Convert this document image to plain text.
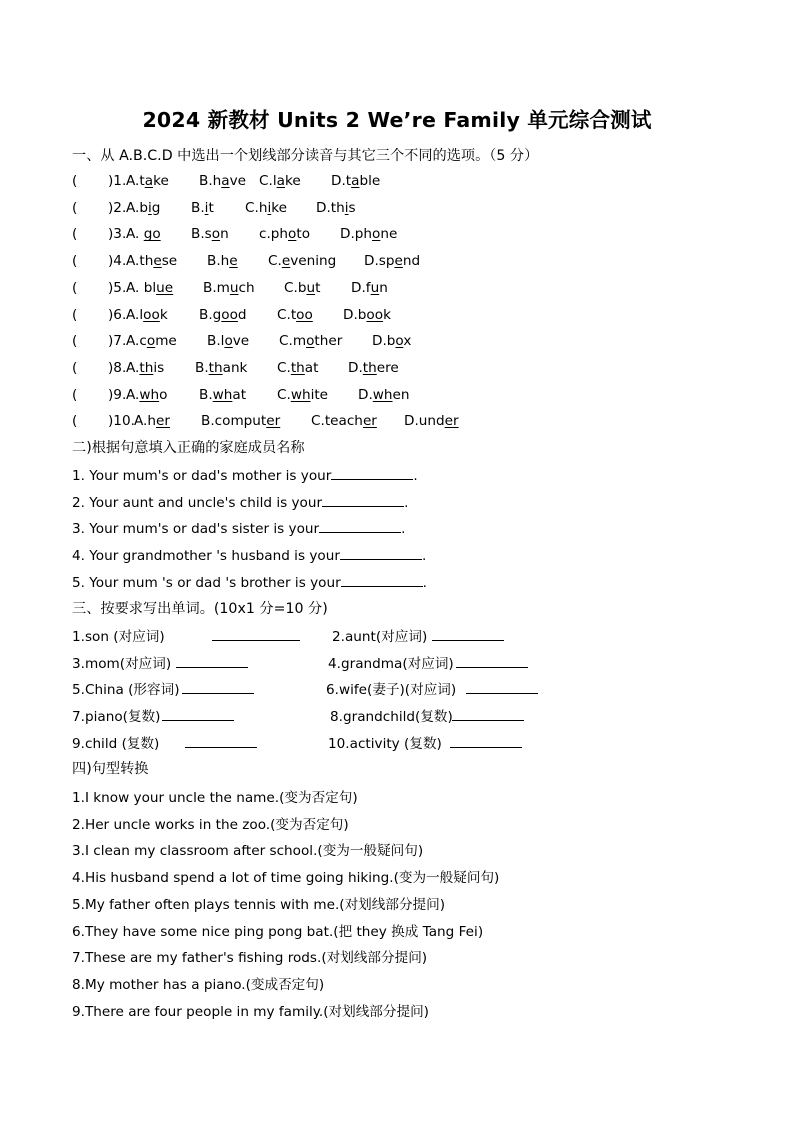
2024 新教材 Units 2 We’re Family 单元综合测试
一、从 A.B.C.D 中选出一个划线部分读音与其它三个不同的选项。（5 分）
( )1. A.take B.have C.lake D.table
( )2. A.big B.it C.hike D.this
( )3. A. go B.son c.photo D.phone
( )4. A.these B.he C.evening D.spend
( )5. A. blue B.much C.but D.fun
( )6. A.look B.good C.too D.book
( )7. A.come B.love C.mother D.box
( )8. A.this B.thank C.that D.there
( )9. A.who B.what C.white D.when
( )10. A.her B.computer C.teacher D.under
二)根据句意填入正确的家庭成员名称
1. Your mum's or dad's mother is your	.
2. Your aunt and uncle's child is your	.
3. Your mum's or dad's sister is your	.
4. Your grandmother 's husband is your	.
5. Your mum 's or dad 's brother is your	.
三、按要求写出单词。(10x1 分=10 分)
1.son (对应词)	2.aunt(对应词)
3.mom(对应词)	4.grandma(对应词)
5.China (形容词)	6.wife(妻子)(对应词)
7.piano(复数)	8.grandchild(复数)
9.child (复数)	10.activity (复数)
四)句型转换
1.I know your uncle the name.(变为否定句)
2.Her uncle works in the zoo.(变为否定句)
3.I clean my classroom after school.(变为一般疑问句)
4.His husband spend a lot of time going hiking.(变为一般疑问句)
5.My father often plays tennis with me.(对划线部分提问)
6.They have some nice ping pong bat.(把 they 换成 Tang Fei)
7.These are my father's fishing rods.(对划线部分提问)
8.My mother has a piano.(变成否定句)
9.There are four people in my family.(对划线部分提问)
